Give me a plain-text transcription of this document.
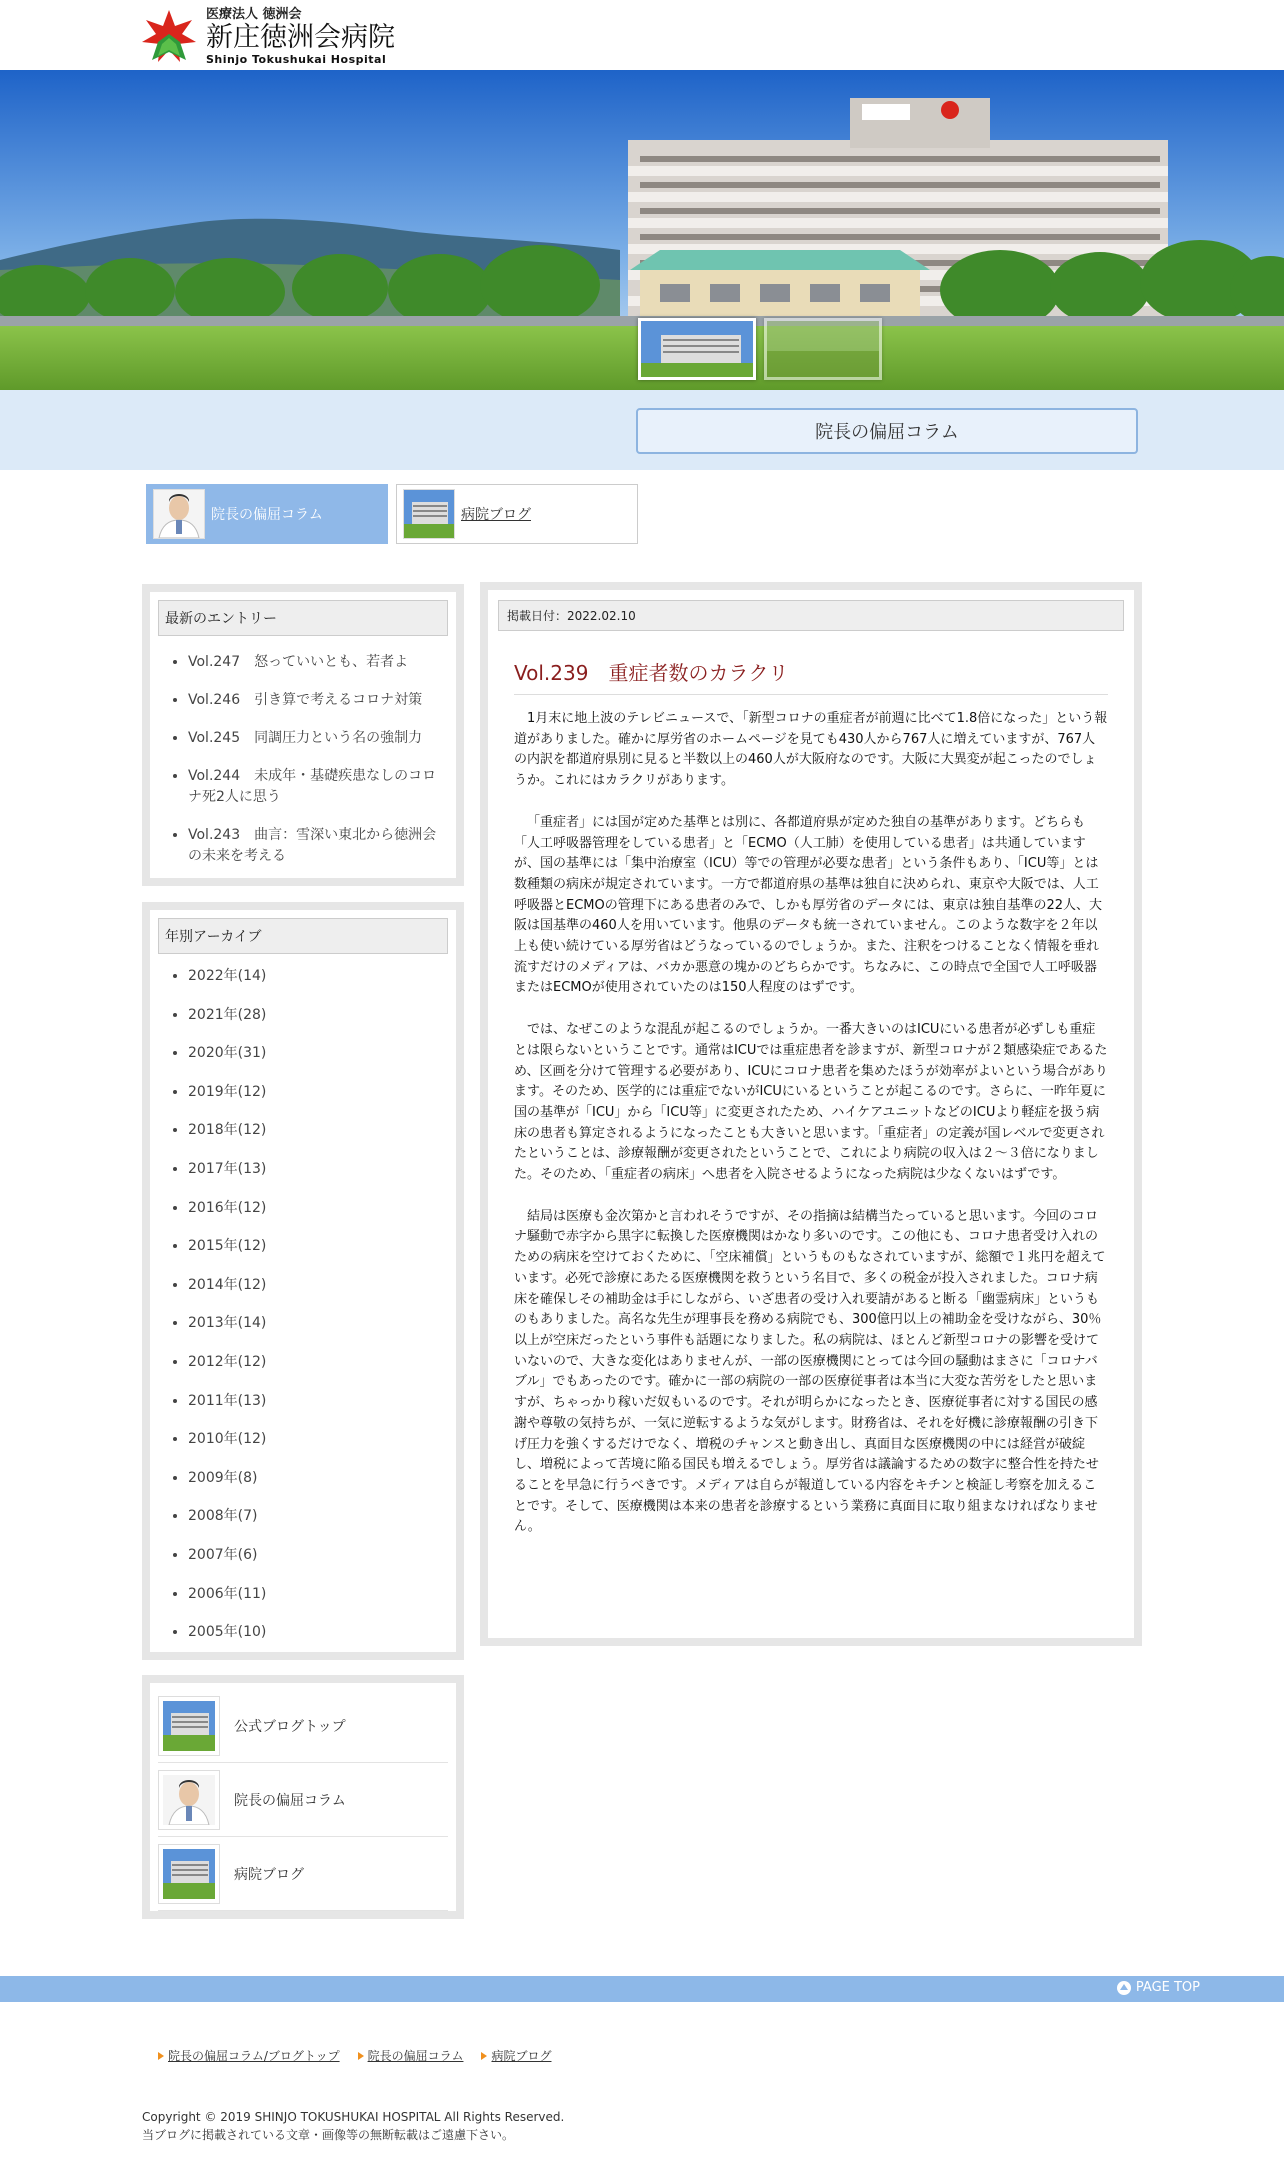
医療法人 徳洲会
新庄徳洲会病院
Shinjo Tokushukai Hospital
院長の偏屈コラム
院長の偏屈コラム	病院ブログ
最新のエントリー
• Vol.247　怒っていいとも、若者よ
• Vol.246　引き算で考えるコロナ対策
• Vol.245　同調圧力という名の強制力
• Vol.244　未成年・基礎疾患なしのコロナ死2人に思う
• Vol.243　曲言：雪深い東北から徳洲会の未来を考える
年別アーカイブ
• 2022年(14)
• 2021年(28)
• 2020年(31)
• 2019年(12)
• 2018年(12)
• 2017年(13)
• 2016年(12)
• 2015年(12)
• 2014年(12)
• 2013年(14)
• 2012年(12)
• 2011年(13)
• 2010年(12)
• 2009年(8)
• 2008年(7)
• 2007年(6)
• 2006年(11)
• 2005年(10)
公式ブログトップ
院長の偏屈コラム
病院ブログ
掲載日付：2022.02.10
Vol.239　重症者数のカラクリ

1月末に地上波のテレビニュースで、「新型コロナの重症者が前週に比べて1.8倍になった」という報道がありました。確かに厚労省のホームページを見ても430人から767人に増えていますが、767人の内訳を都道府県別に見ると半数以上の460人が大阪府なのです。大阪に大異変が起こったのでしょうか。これにはカラクリがあります。

「重症者」には国が定めた基準とは別に、各都道府県が定めた独自の基準があります。どちらも「人工呼吸器管理をしている患者」と「ECMO（人工肺）を使用している患者」は共通していますが、国の基準には「集中治療室（ICU）等での管理が必要な患者」という条件もあり、「ICU等」とは数種類の病床が規定されています。一方で都道府県の基準は独自に決められ、東京や大阪では、人工呼吸器とECMOの管理下にある患者のみで、しかも厚労省のデータには、東京は独自基準の22人、大阪は国基準の460人を用いています。他県のデータも統一されていません。このような数字を２年以上も使い続けている厚労省はどうなっているのでしょうか。また、注釈をつけることなく情報を垂れ流すだけのメディアは、バカか悪意の塊かのどちらかです。ちなみに、この時点で全国で人工呼吸器またはECMOが使用されていたのは150人程度のはずです。

では、なぜこのような混乱が起こるのでしょうか。一番大きいのはICUにいる患者が必ずしも重症とは限らないということです。通常はICUでは重症患者を診ますが、新型コロナが２類感染症であるため、区画を分けて管理する必要があり、ICUにコロナ患者を集めたほうが効率がよいという場合があります。そのため、医学的には重症でないがICUにいるということが起こるのです。さらに、一昨年夏に国の基準が「ICU」から「ICU等」に変更されたため、ハイケアユニットなどのICUより軽症を扱う病床の患者も算定されるようになったことも大きいと思います。「重症者」の定義が国レベルで変更されたということは、診療報酬が変更されたということで、これにより病院の収入は２〜３倍になりました。そのため、「重症者の病床」へ患者を入院させるようになった病院は少なくないはずです。

結局は医療も金次第かと言われそうですが、その指摘は結構当たっていると思います。今回のコロナ騒動で赤字から黒字に転換した医療機関はかなり多いのです。この他にも、コロナ患者受け入れのための病床を空けておくために、「空床補償」というものもなされていますが、総額で１兆円を超えています。必死で診療にあたる医療機関を救うという名目で、多くの税金が投入されました。コロナ病床を確保しその補助金は手にしながら、いざ患者の受け入れ要請があると断る「幽霊病床」というものもありました。高名な先生が理事長を務める病院でも、300億円以上の補助金を受けながら、30％以上が空床だったという事件も話題になりました。私の病院は、ほとんど新型コロナの影響を受けていないので、大きな変化はありませんが、一部の医療機関にとっては今回の騒動はまさに「コロナバブル」でもあったのです。確かに一部の病院の一部の医療従事者は本当に大変な苦労をしたと思いますが、ちゃっかり稼いだ奴もいるのです。それが明らかになったとき、医療従事者に対する国民の感謝や尊敬の気持ちが、一気に逆転するような気がします。財務省は、それを好機に診療報酬の引き下げ圧力を強くするだけでなく、増税のチャンスと動き出し、真面目な医療機関の中には経営が破綻し、増税によって苦境に陥る国民も増えるでしょう。厚労省は議論するための数字に整合性を持たせることを早急に行うべきです。メディアは自らが報道している内容をキチンと検証し考察を加えることです。そして、医療機関は本来の患者を診療するという業務に真面目に取り組まなければなりません。

PAGE TOP
院長の偏屈コラム/ブログトップ 院長の偏屈コラム 病院ブログ
Copyright © 2019 SHINJO TOKUSHUKAI HOSPITAL All Rights Reserved.
当ブログに掲載されている文章・画像等の無断転載はご遠慮下さい。
